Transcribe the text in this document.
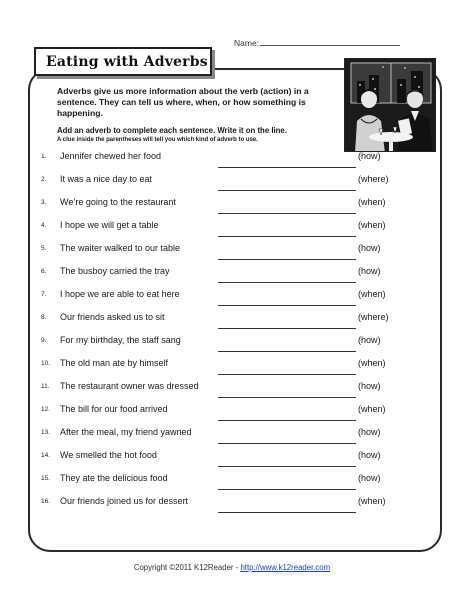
Name:
Eating with Adverbs
Adverbs give us more information about the verb (action) in a sentence. They can tell us where, when, or how something is happening.
Add an adverb to complete each sentence. Write it on the line.
A clue inside the parentheses will tell you which kind of adverb to use.
1. Jennifer chewed her food	(how)
2. It was a nice day to eat	(where)
3. We’re going to the restaurant	(when)
4. I hope we will get a table	(when)
5. The waiter walked to our table	(how)
6. The busboy carried the tray	(how)
7. I hope we are able to eat here	(when)
8. Our friends asked us to sit	(where)
9. For my birthday, the staff sang	(how)
10. The old man ate by himself	(when)
11. The restaurant owner was dressed	(how)
12. The bill for our food arrived	(when)
13. After the meal, my friend yawned	(how)
14. We smelled the hot food	(how)
15. They ate the delicious food	(how)
16. Our friends joined us for dessert	(when)
Copyright ©2011 K12Reader - http://www.k12reader.com
